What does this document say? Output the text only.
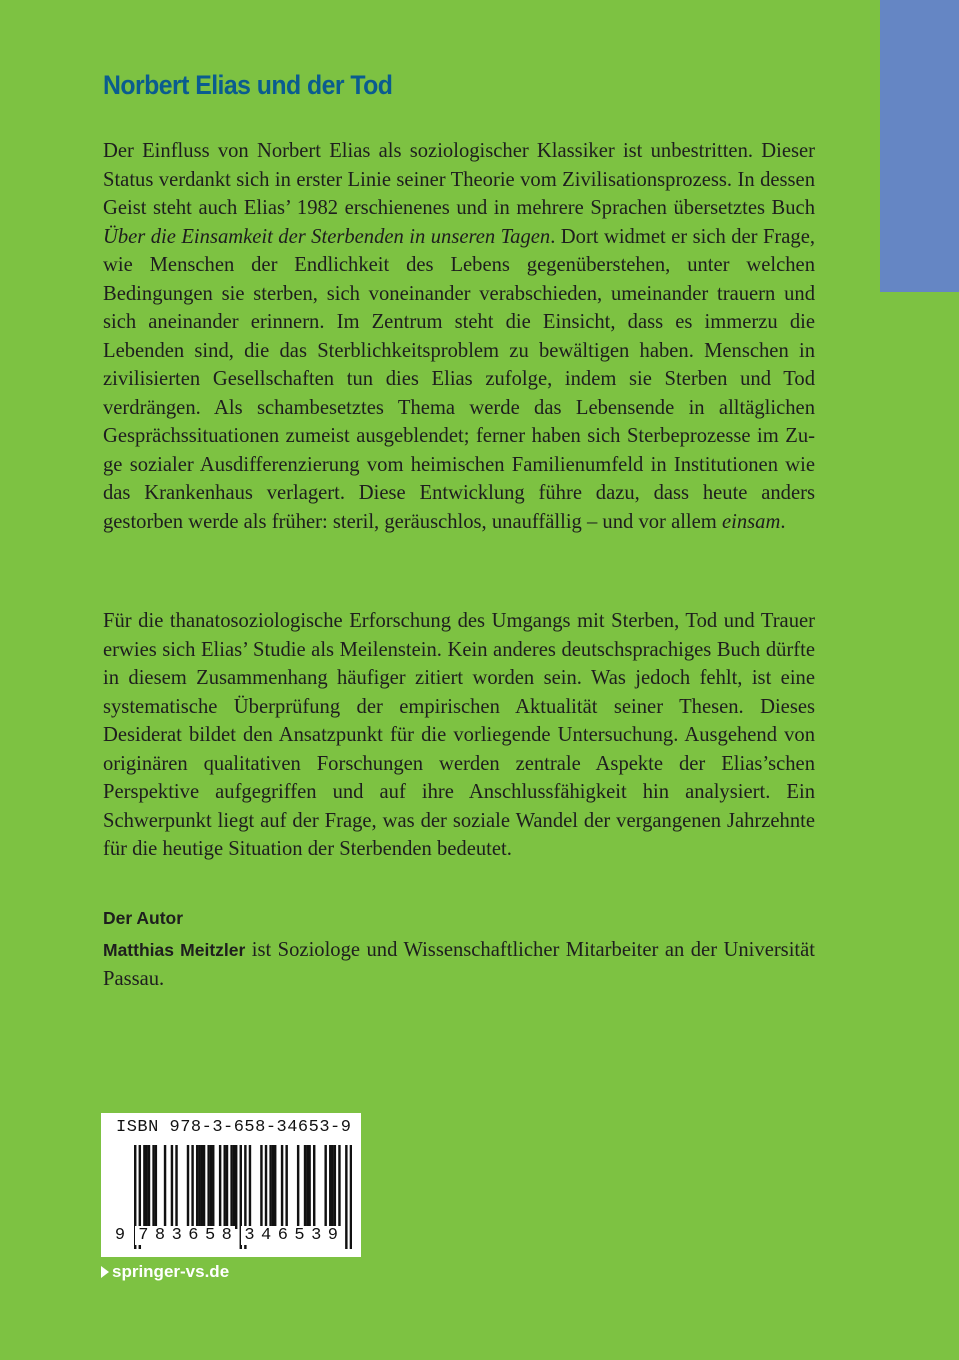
Norbert Elias und der Tod

Der Einfluss von Norbert Elias als soziologischer Klassiker ist unbestritten. Dieser Status verdankt sich in erster Linie seiner Theorie vom Zivilisationsprozess. In dessen Geist steht auch Elias’ 1982 erschienenes und in mehrere Sprachen übersetztes Buch Über die Einsamkeit der Sterbenden in unseren Tagen. Dort widmet er sich der Frage, wie Menschen der Endlichkeit des Lebens gegenüberstehen, unter welchen Bedingungen sie sterben, sich voneinander verabschieden, umeinander trauern und sich aneinander erinnern. Im Zentrum steht die Einsicht, dass es immerzu die Lebenden sind, die das Sterblichkeitsproblem zu bewältigen haben. Menschen in zivilisierten Gesellschaften tun dies Elias zufolge, indem sie Sterben und Tod verdrängen. Als schambesetztes Thema werde das Lebensende in alltäglichen Gesprächssituationen zumeist ausgeblendet; ferner haben sich Sterbeprozesse im Zuge sozialer Ausdifferenzierung vom heimischen Familienumfeld in Institutionen wie das Krankenhaus verlagert. Diese Entwicklung führe dazu, dass heute anders gestorben werde als früher: steril, geräuschlos, unauffällig – und vor allem einsam.

Für die thanatosoziologische Erforschung des Umgangs mit Sterben, Tod und Trauer erwies sich Elias’ Studie als Meilenstein. Kein anderes deutschsprachiges Buch dürfte in diesem Zusammenhang häufiger zitiert worden sein. Was jedoch fehlt, ist eine systematische Überprüfung der empirischen Aktualität seiner Thesen. Dieses Desiderat bildet den Ansatzpunkt für die vorliegende Untersuchung. Ausgehend von originären qualitativen Forschungen werden zentrale Aspekte der Elias’schen Perspektive aufgegriffen und auf ihre Anschlussfähigkeit hin analysiert. Ein Schwerpunkt liegt auf der Frage, was der soziale Wandel der vergangenen Jahrzehnte für die heutige Situation der Sterbenden bedeutet.

Der Autor

Matthias Meitzler ist Soziologe und Wissenschaftlicher Mitarbeiter an der Universität Passau.

ISBN 978-3-658-34653-9
9 7 8 3 6 5 8 3 4 6 5 3 9
springer-vs.de
